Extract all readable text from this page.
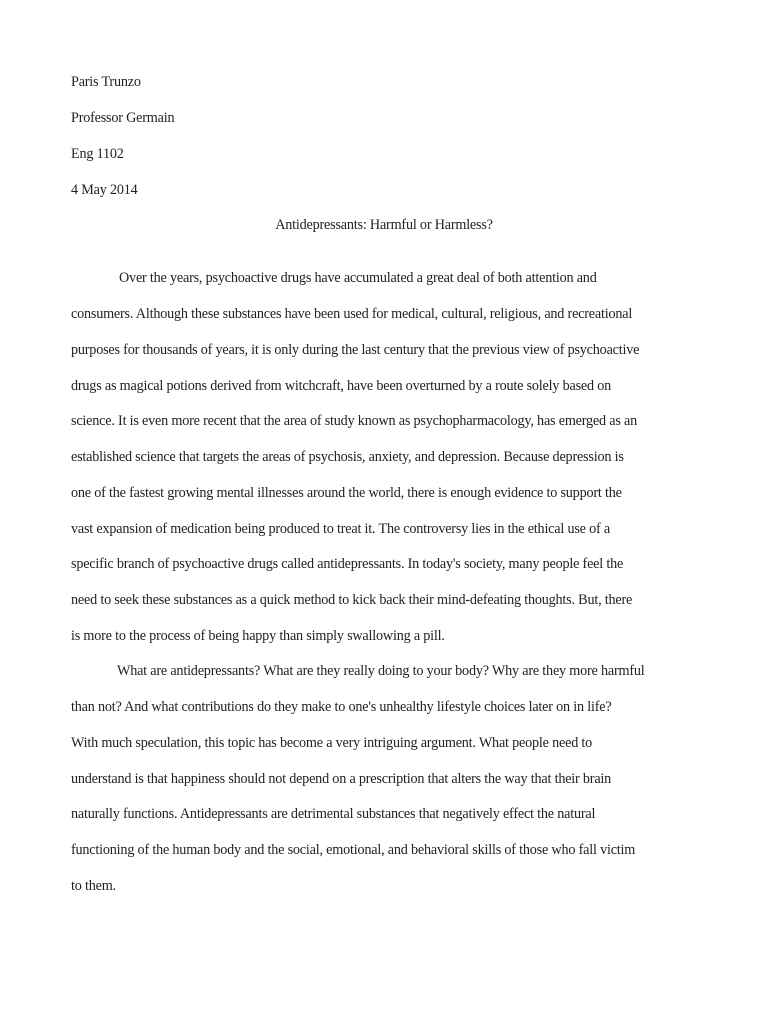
Paris Trunzo
Professor Germain
Eng 1102
4 May 2014
Antidepressants: Harmful or Harmless?
Over the years, psychoactive drugs have accumulated a great deal of both attention and
consumers. Although these substances have been used for medical, cultural, religious, and recreational
purposes for thousands of years, it is only during the last century that the previous view of psychoactive
drugs as magical potions derived from witchcraft, have been overturned by a route solely based on
science. It is even more recent that the area of study known as psychopharmacology, has emerged as an
established science that targets the areas of psychosis, anxiety, and depression. Because depression is
one of the fastest growing mental illnesses around the world, there is enough evidence to support the
vast expansion of medication being produced to treat it. The controversy lies in the ethical use of a
specific branch of psychoactive drugs called antidepressants. In today's society, many people feel the
need to seek these substances as a quick method to kick back their mind-defeating thoughts. But, there
is more to the process of being happy than simply swallowing a pill.
What are antidepressants? What are they really doing to your body? Why are they more harmful
than not? And what contributions do they make to one's unhealthy lifestyle choices later on in life?
With much speculation, this topic has become a very intriguing argument. What people need to
understand is that happiness should not depend on a prescription that alters the way that their brain
naturally functions. Antidepressants are detrimental substances that negatively effect the natural
functioning of the human body and the social, emotional, and behavioral skills of those who fall victim
to them.
